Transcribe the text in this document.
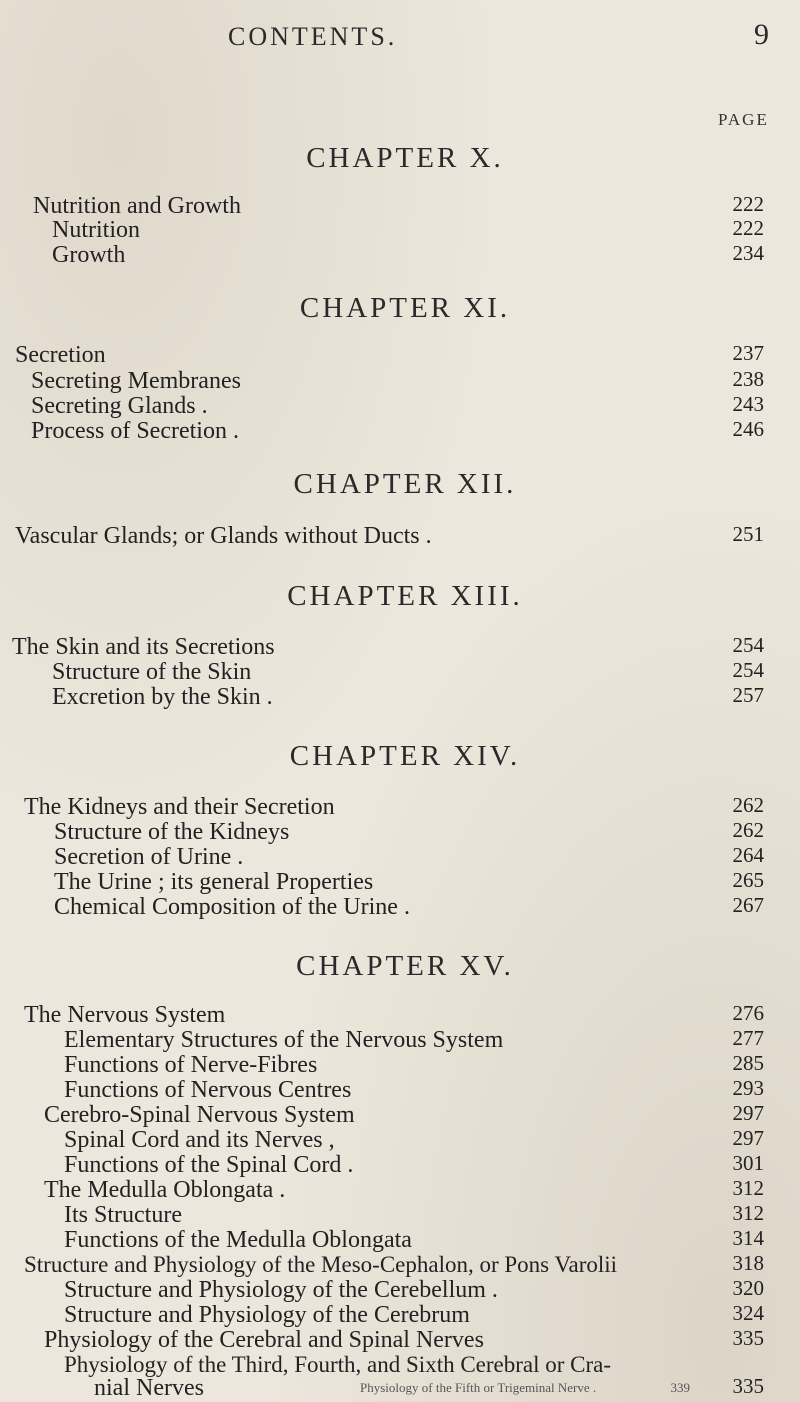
CONTENTS.	9
PAGE
CHAPTER X.
Nutrition and Growth	222
Nutrition	222
Growth	234
CHAPTER XI.
Secretion	237
Secreting Membranes	238
Secreting Glands .	243
Process of Secretion .	246
CHAPTER XII.
Vascular Glands; or Glands without Ducts .	251
CHAPTER XIII.
The Skin and its Secretions	254
Structure of the Skin	254
Excretion by the Skin .	257
CHAPTER XIV.
The Kidneys and their Secretion	262
Structure of the Kidneys	262
Secretion of Urine .	264
The Urine ; its general Properties	265
Chemical Composition of the Urine .	267
CHAPTER XV.
The Nervous System	276
Elementary Structures of the Nervous System	277
Functions of Nerve-Fibres	285
Functions of Nervous Centres	293
Cerebro-Spinal Nervous System	297
Spinal Cord and its Nerves ,	297
Functions of the Spinal Cord .	301
The Medulla Oblongata .	312
Its Structure	312
Functions of the Medulla Oblongata	314
Structure and Physiology of the Meso-Cephalon, or Pons Varolii	318
Structure and Physiology of the Cerebellum .	320
Structure and Physiology of the Cerebrum	324
Physiology of the Cerebral and Spinal Nerves	335
Physiology of the Third, Fourth, and Sixth Cerebral or Cra-
nial Nerves	335
Physiology of the Fifth or Trigeminal Nerve .	339
